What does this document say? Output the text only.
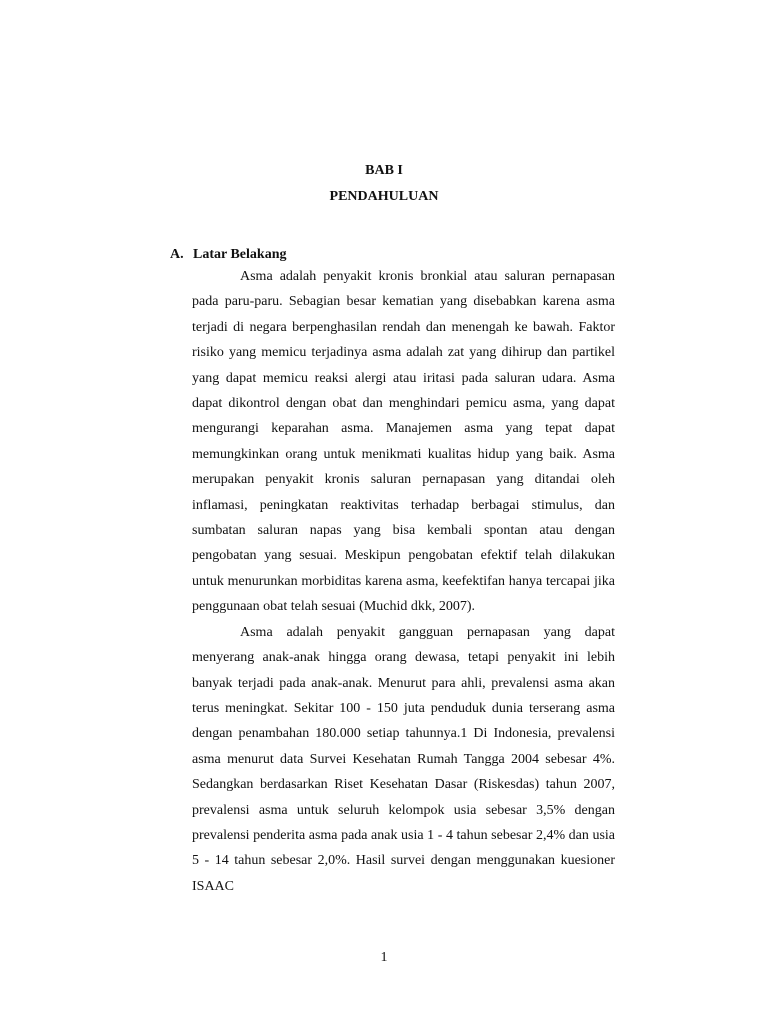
BAB I

PENDAHULUAN

A. Latar Belakang

Asma adalah penyakit kronis bronkial atau saluran pernapasan pada paru-paru. Sebagian besar kematian yang disebabkan karena asma terjadi di negara berpenghasilan rendah dan menengah ke bawah. Faktor risiko yang memicu terjadinya asma adalah zat yang dihirup dan partikel yang dapat memicu reaksi alergi atau iritasi pada saluran udara. Asma dapat dikontrol dengan obat dan menghindari pemicu asma, yang dapat mengurangi keparahan asma. Manajemen asma yang tepat dapat memungkinkan orang untuk menikmati kualitas hidup yang baik. Asma merupakan penyakit kronis saluran pernapasan yang ditandai oleh inflamasi, peningkatan reaktivitas terhadap berbagai stimulus, dan sumbatan saluran napas yang bisa kembali spontan atau dengan pengobatan yang sesuai. Meskipun pengobatan efektif telah dilakukan untuk menurunkan morbiditas karena asma, keefektifan hanya tercapai jika penggunaan obat telah sesuai (Muchid dkk, 2007).

Asma adalah penyakit gangguan pernapasan yang dapat menyerang anak-anak hingga orang dewasa, tetapi penyakit ini lebih banyak terjadi pada anak-anak. Menurut para ahli, prevalensi asma akan terus meningkat. Sekitar 100 - 150 juta penduduk dunia terserang asma dengan penambahan 180.000 setiap tahunnya.1 Di Indonesia, prevalensi asma menurut data Survei Kesehatan Rumah Tangga 2004 sebesar 4%. Sedangkan berdasarkan Riset Kesehatan Dasar (Riskesdas) tahun 2007, prevalensi asma untuk seluruh kelompok usia sebesar 3,5% dengan prevalensi penderita asma pada anak usia 1 - 4 tahun sebesar 2,4% dan usia 5 - 14 tahun sebesar 2,0%. Hasil survei dengan menggunakan kuesioner ISAAC

1
